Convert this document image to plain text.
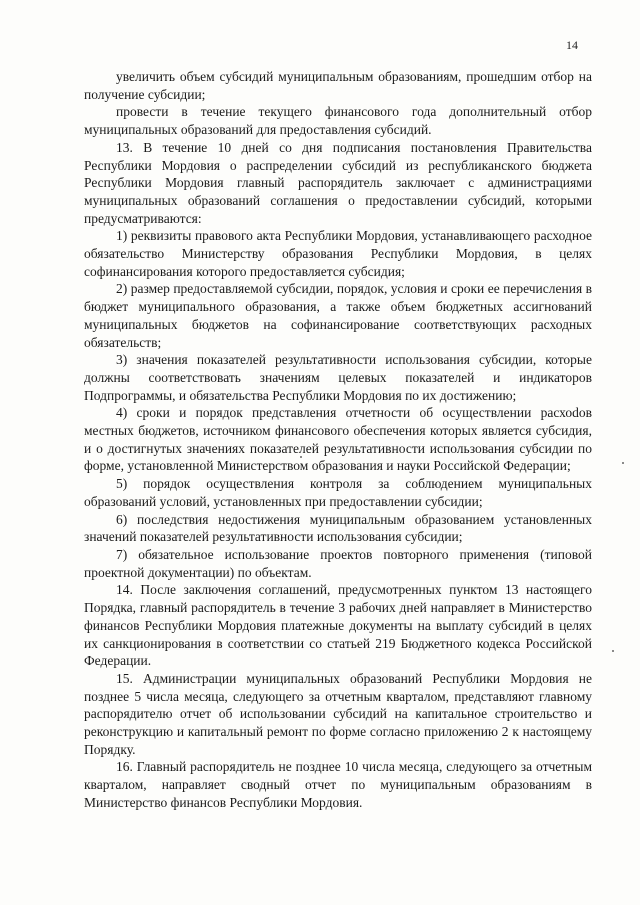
14

увеличить объем субсидий муниципальным образованиям, прошедшим отбор на получение субсидии;

провести в течение текущего финансового года дополнительный отбор муниципальных образований для предоставления субсидий.

13. В течение 10 дней со дня подписания постановления Правительства Республики Мордовия о распределении субсидий из республиканского бюджета Республики Мордовия главный распорядитель заключает с администрациями муниципальных образований соглашения о предоставлении субсидий, которыми предусматриваются:

1) реквизиты правового акта Республики Мордовия, устанавливающего расходное обязательство Министерству образования Республики Мордовия, в целях софинансирования которого предоставляется субсидия;

2) размер предоставляемой субсидии, порядок, условия и сроки ее перечисления в бюджет муниципального образования, а также объем бюджетных ассигнований муниципальных бюджетов на софинансирование соответствующих расходных обязательств;

3) значения показателей результативности использования субсидии, которые должны соответствовать значениям целевых показателей и индикаторов Подпрограммы, и обязательства Республики Мордовия по их достижению;

4) сроки и порядок представления отчетности об осуществлении расхоdов местных бюджетов, источником финансового обеспечения которых является субсидия, и о достигнутых значениях показателей результативности использования субсидии по форме, установленной Министерством образования и науки Российской Федерации;

5) порядок осуществления контроля за соблюдением муниципальных образований условий, установленных при предоставлении субсидии;

6) последствия недостижения муниципальным образованием установленных значений показателей результативности использования субсидии;

7) обязательное использование проектов повторного применения (типовой проектной документации) по объектам.

14. После заключения соглашений, предусмотренных пунктом 13 настоящего Порядка, главный распорядитель в течение 3 рабочих дней направляет в Министерство финансов Республики Мордовия платежные документы на выплату субсидий в целях их санкционирования в соответствии со статьей 219 Бюджетного кодекса Российской Федерации.

15. Администрации муниципальных образований Республики Мордовия не позднее 5 числа месяца, следующего за отчетным кварталом, представляют главному распорядителю отчет об использовании субсидий на капитальное строительство и реконструкцию и капитальный ремонт по форме согласно приложению 2 к настоящему Порядку.

16. Главный распорядитель не позднее 10 числа месяца, следующего за отчетным кварталом, направляет сводный отчет по муниципальным образованиям в Министерство финансов Республики Мордовия.
